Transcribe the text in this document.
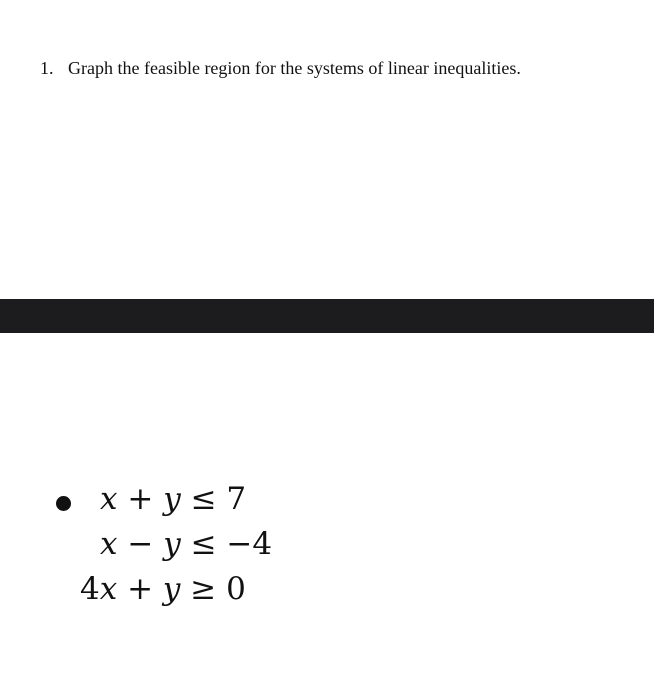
1. Graph the feasible region for the systems of linear inequalities.
x + y ≤ 7
x − y ≤ −4
4x + y ≥ 0
